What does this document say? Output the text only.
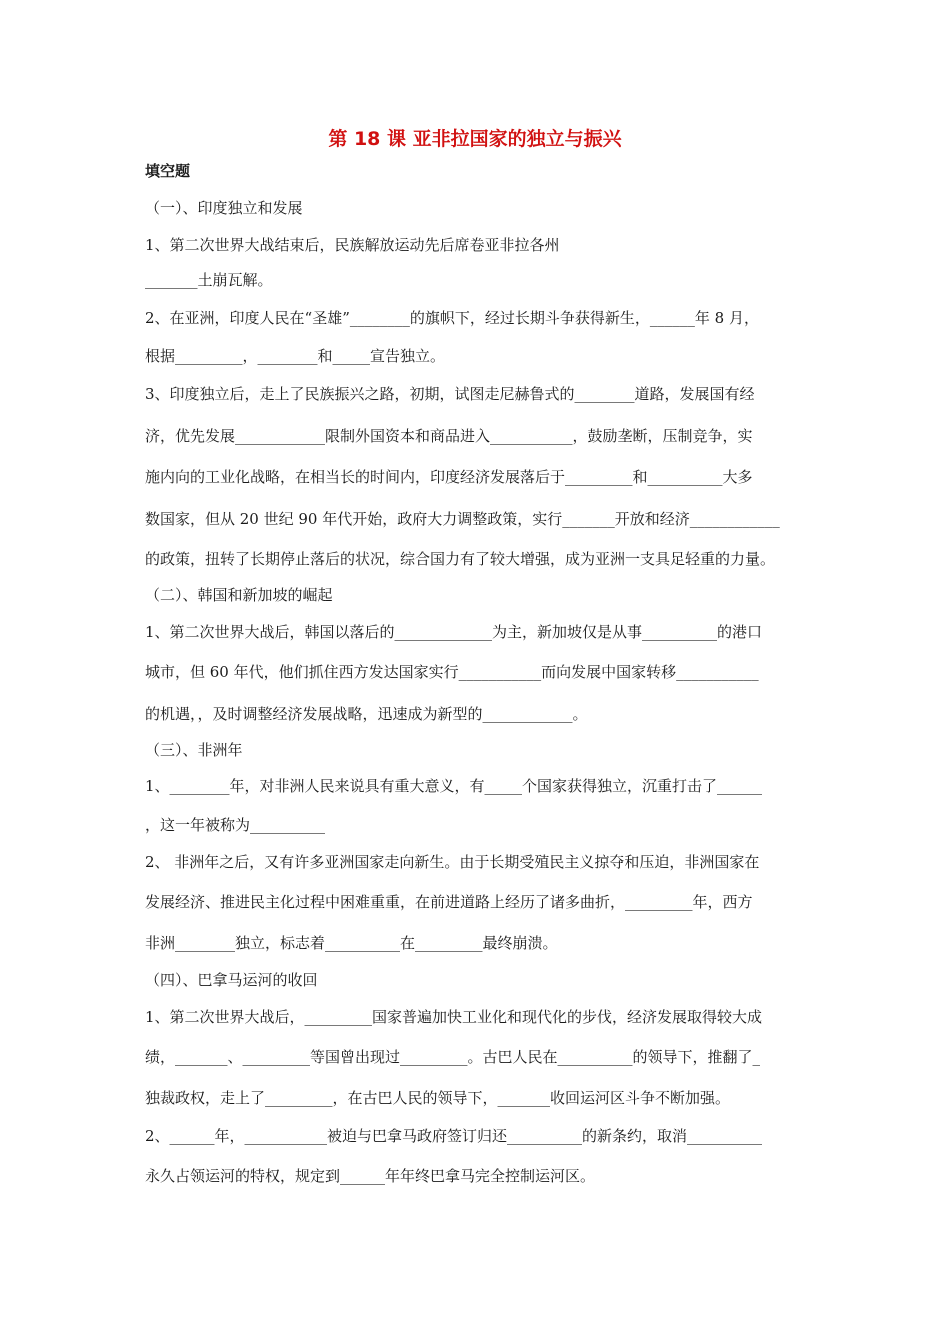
第 18 课 亚非拉国家的独立与振兴
填空题
（一）、印度独立和发展
1、第二次世界大战结束后，民族解放运动先后席卷亚非拉各州
_______土崩瓦解。
2、在亚洲，印度人民在“圣雄”________的旗帜下，经过长期斗争获得新生，______年 8 月，
根据_________，________和_____宣告独立。
3、印度独立后，走上了民族振兴之路，初期，试图走尼赫鲁式的________道路，发展国有经
济，优先发展____________限制外国资本和商品进入___________，鼓励垄断，压制竞争，实
施内向的工业化战略，在相当长的时间内，印度经济发展落后于_________和__________大多
数国家，但从 20 世纪 90 年代开始，政府大力调整政策，实行_______开放和经济____________
的政策，扭转了长期停止落后的状况，综合国力有了较大增强，成为亚洲一支具足轻重的力量。
（二）、韩国和新加坡的崛起
1、第二次世界大战后，韩国以落后的_____________为主，新加坡仅是从事__________的港口
城市，但 60 年代，他们抓住西方发达国家实行___________而向发展中国家转移___________
的机遇，，及时调整经济发展战略，迅速成为新型的____________。
（三）、非洲年
1、________年，对非洲人民来说具有重大意义，有_____个国家获得独立，沉重打击了______
，这一年被称为__________
2、 非洲年之后，又有许多亚洲国家走向新生。由于长期受殖民主义掠夺和压迫，非洲国家在
发展经济、推进民主化过程中困难重重，在前进道路上经历了诸多曲折，_________年，西方
非洲________独立，标志着__________在_________最终崩溃。
（四）、巴拿马运河的收回
1、第二次世界大战后，_________国家普遍加快工业化和现代化的步伐，经济发展取得较大成
绩，_______、_________等国曾出现过_________。古巴人民在__________的领导下，推翻了_
独裁政权，走上了_________，在古巴人民的领导下，_______收回运河区斗争不断加强。
2、______年，___________被迫与巴拿马政府签订归还__________的新条约，取消__________
永久占领运河的特权，规定到______年年终巴拿马完全控制运河区。
